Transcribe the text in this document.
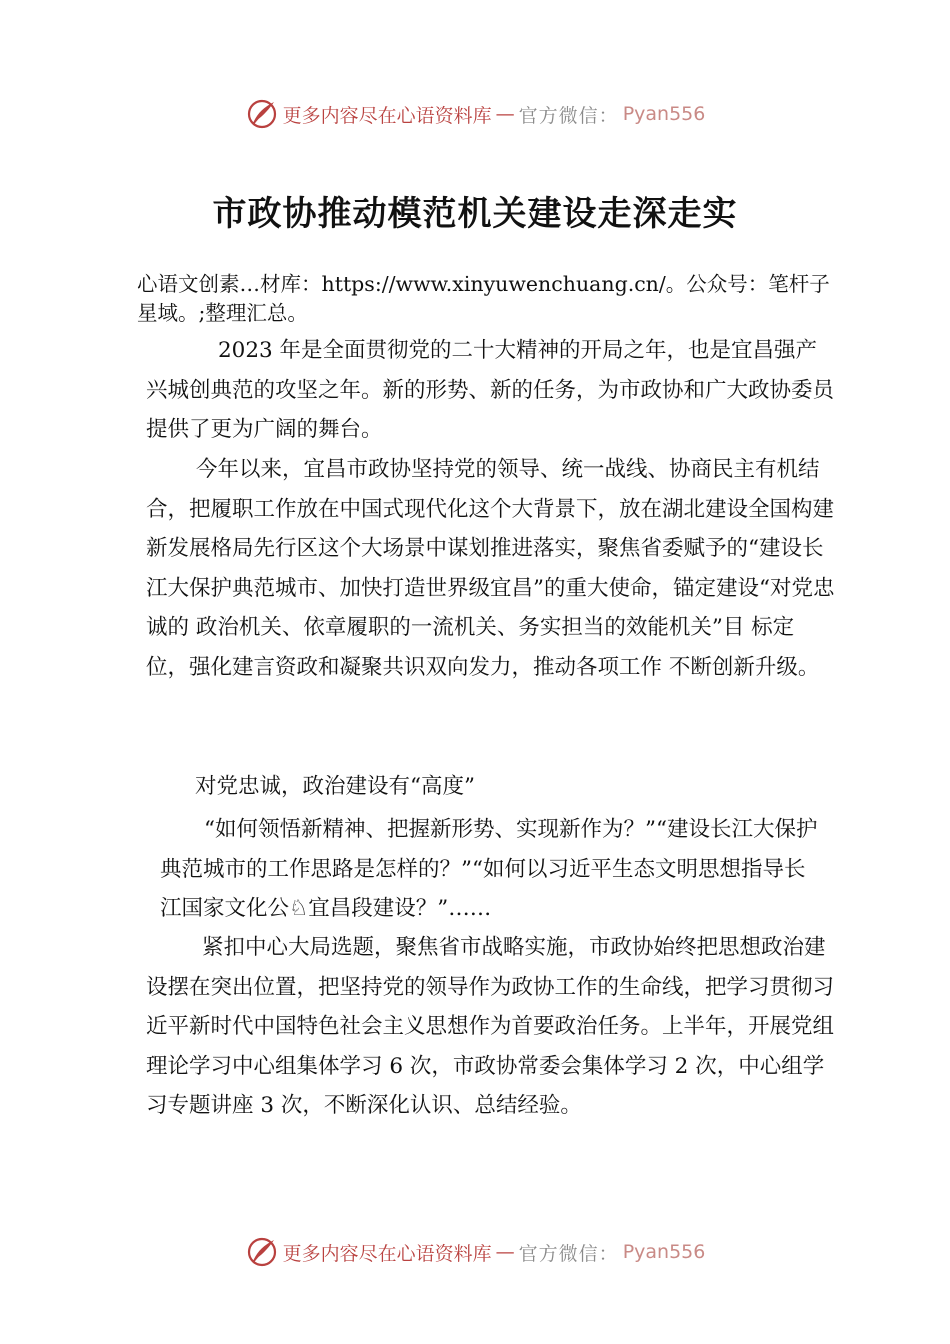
更多内容尽在心语资料库 — 官方微信： Pyan556
市政协推动模范机关建设走深走实
心语文创素…材库：https://www.xinyuwenchuang.cn/。公众号：笔杆子星域。;整理汇总。
2023 年是全面贯彻党的二十大精神的开局之年，也是宜昌强产兴城创典范的攻坚之年。新的形势、新的任务，为市政协和广大政协委员提供了更为广阔的舞台。
今年以来，宜昌市政协坚持党的领导、统一战线、协商民主有机结合，把履职工作放在中国式现代化这个大背景下，放在湖北建设全国构建新发展格局先行区这个大场景中谋划推进落实，聚焦省委赋予的“建设长江大保护典范城市、加快打造世界级宜昌”的重大使命，锚定建设“对党忠诚的 政治机关、依章履职的一流机关、务实担当的效能机关”目 标定位，强化建言资政和凝聚共识双向发力，推动各项工作 不断创新升级。
对党忠诚，政治建设有“高度”
“如何领悟新精神、把握新形势、实现新作为？”“建设长江大保护典范城市的工作思路是怎样的？”“如何以习近平生态文明思想指导长江国家文化公♘宜昌段建设？”……
紧扣中心大局选题，聚焦省市战略实施，市政协始终把思想政治建设摆在突出位置，把坚持党的领导作为政协工作的生命线，把学习贯彻习近平新时代中国特色社会主义思想作为首要政治任务。上半年，开展党组理论学习中心组集体学习 6 次，市政协常委会集体学习 2 次，中心组学习专题讲座 3 次，不断深化认识、总结经验。
更多内容尽在心语资料库 — 官方微信： Pyan556
